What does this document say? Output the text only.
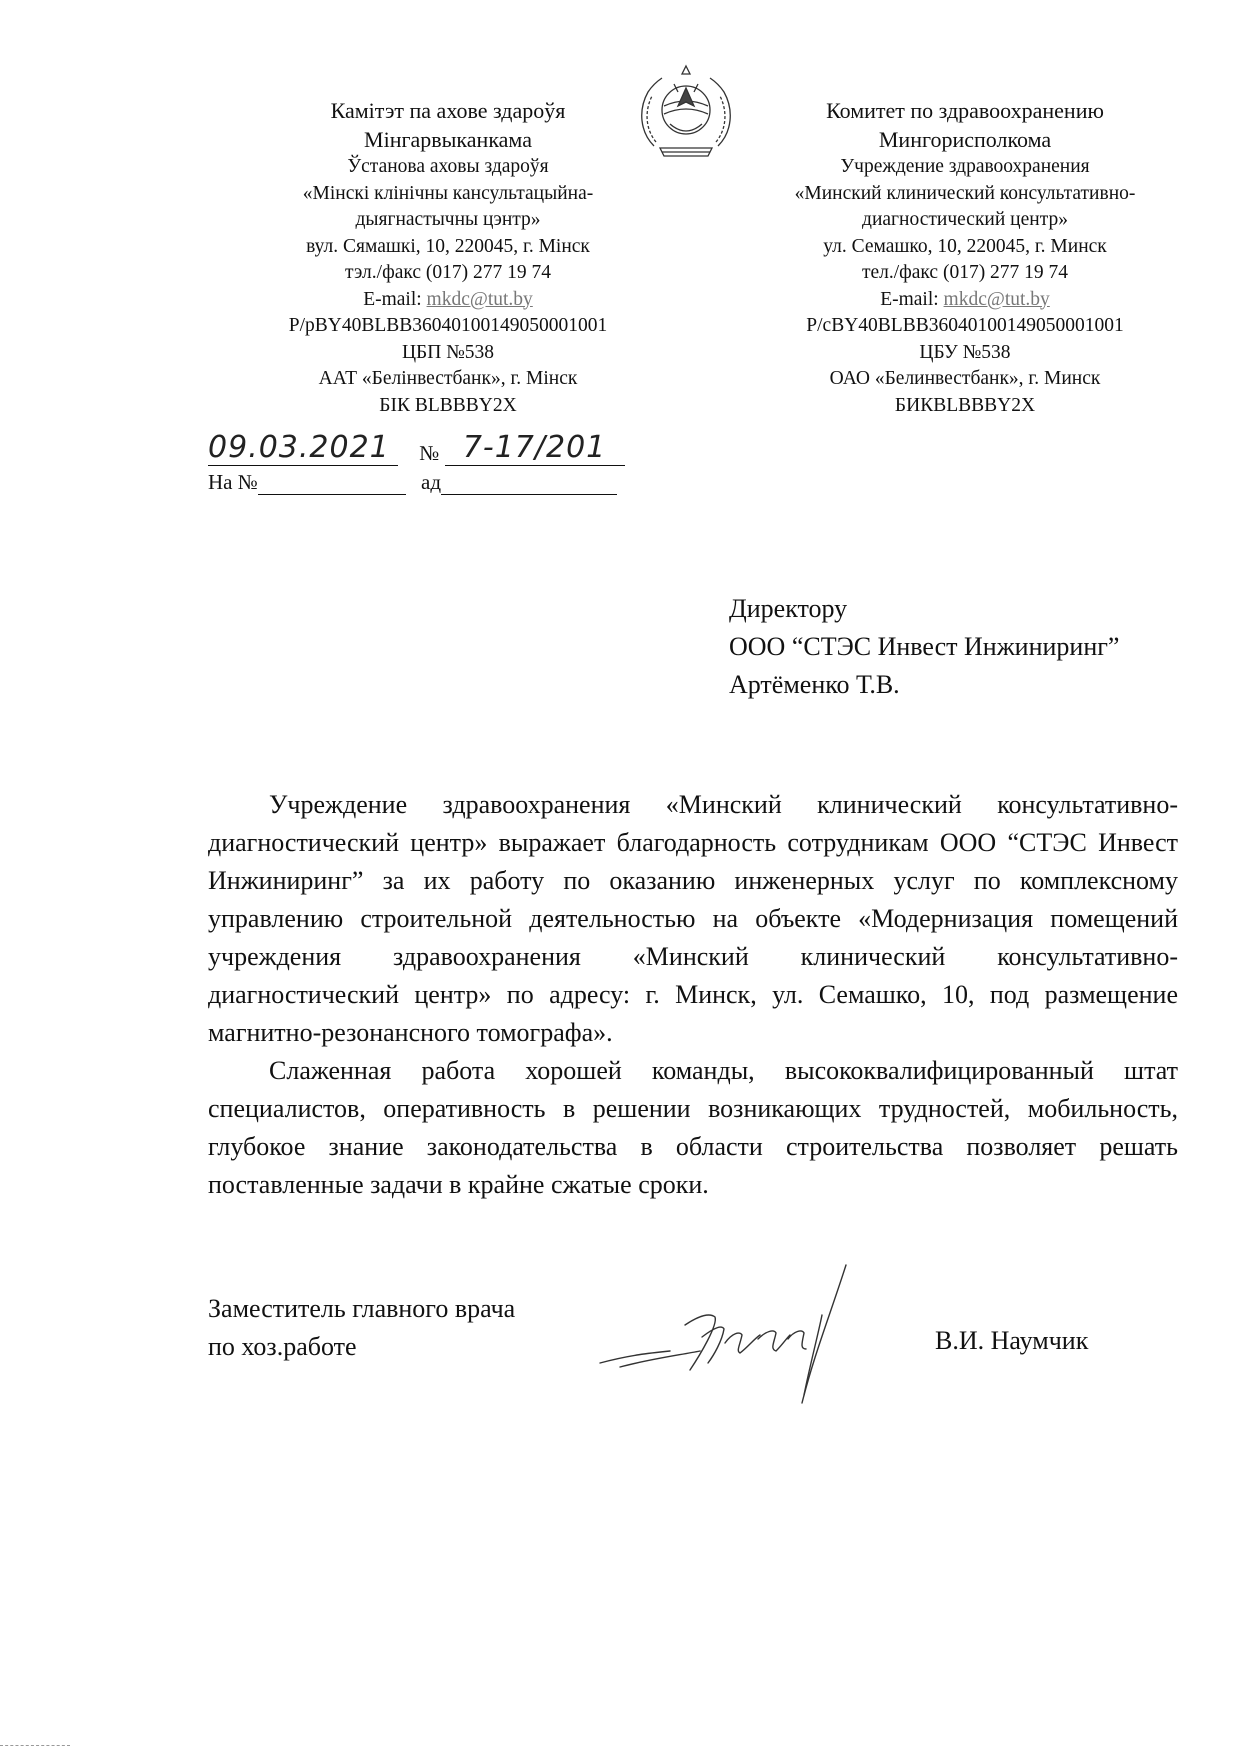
Камітэт па ахове здароўя
Мінгарвыканкама
Ўстанова аховы здароўя
«Мінскі клінічны кансультацыйна-
дыягнастычны цэнтр»
вул. Сямашкі, 10, 220045, г. Мінск
тэл./факс (017) 277 19 74
E-mail: mkdc@tut.by
Р/рBY40BLBB36040100149050001001
ЦБП №538
ААТ «Белінвестбанк», г. Мінск
БІК BLBBBY2X
Комитет по здравоохранению
Мингорисполкома
Учреждение здравоохранения
«Минский клинический консультативно-
диагностический центр»
ул. Семашко, 10, 220045, г. Минск
тел./факс (017) 277 19 74
E-mail: mkdc@tut.by
Р/сBY40BLBB36040100149050001001
ЦБУ №538
ОАО «Белинвестбанк», г. Минск
БИКBLBBBY2X
09.03.2021 № 7-17/201
На №	ад
Директору
ООО “СТЭС Инвест Инжиниринг”
Артёменко Т.В.

Учреждение здравоохранения «Минский клинический консультативно-диагностический центр» выражает благодарность сотрудникам ООО “СТЭС Инвест Инжиниринг” за их работу по оказанию инженерных услуг по комплексному управлению строительной деятельностью на объекте «Модернизация помещений учреждения здравоохранения «Минский клинический консультативно-диагностический центр» по адресу: г. Минск, ул. Семашко, 10, под размещение магнитно-резонансного томографа».

Слаженная работа хорошей команды, высококвалифицированный штат специалистов, оперативность в решении возникающих трудностей, мобильность, глубокое знание законодательства в области строительства позволяет решать поставленные задачи в крайне сжатые сроки.

Заместитель главного врача
по хоз.работе	В.И. Наумчик
